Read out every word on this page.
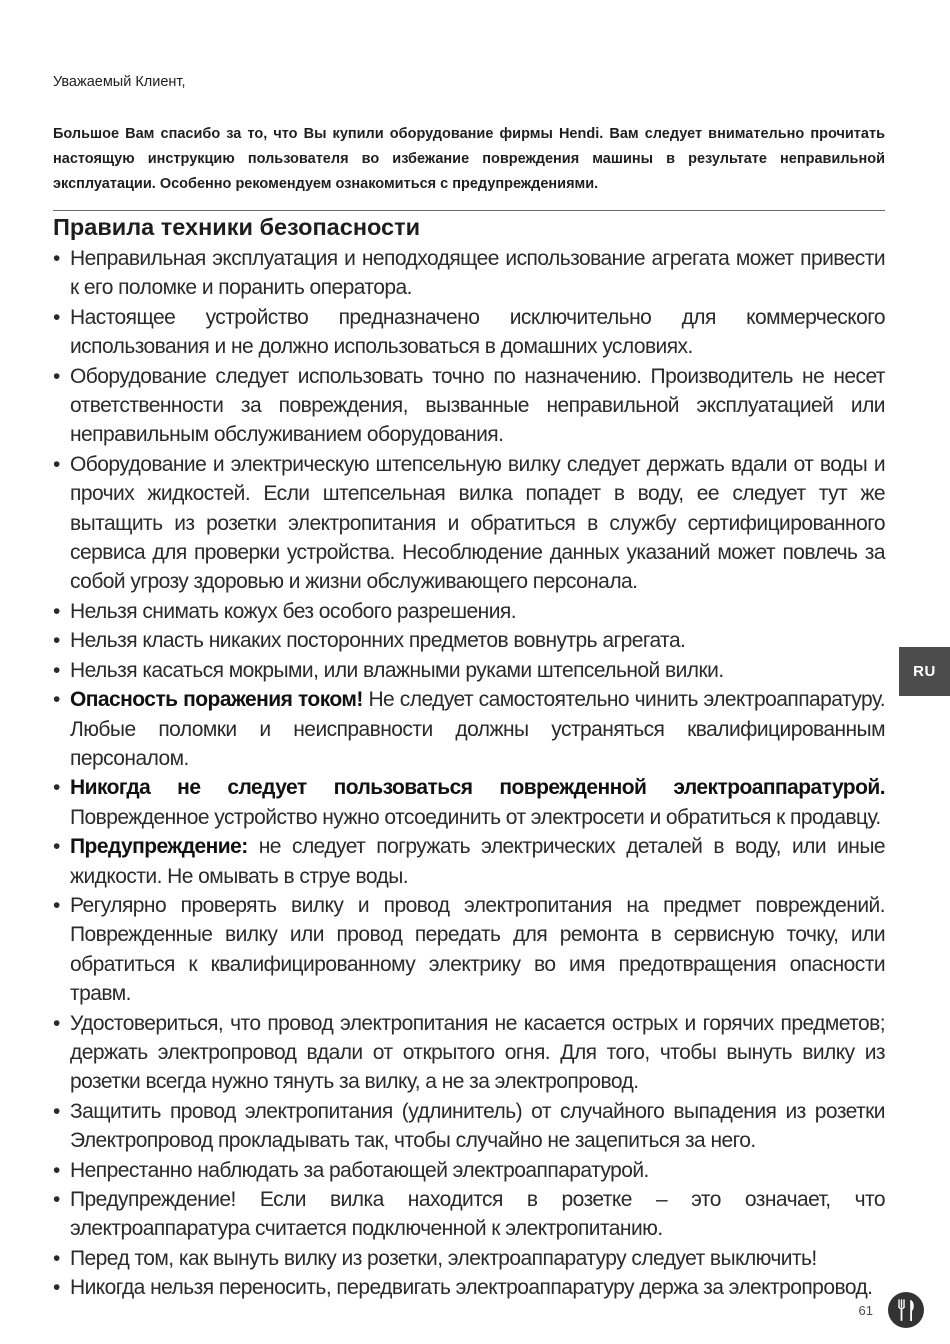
Уважаемый Клиент,
Большое Вам спасибо за то, что Вы купили оборудование фирмы Hendi. Вам следует внимательно прочитать настоящую инструкцию пользователя во избежание повреждения машины в результате неправильной эксплуатации. Особенно рекомендуем ознакомиться с предупреждениями.
Правила техники безопасности
• Неправильная эксплуатация и неподходящее использование агрегата может привести к его поломке и поранить оператора.
• Настоящее устройство предназначено исключительно для коммерческого использования и не должно использоваться в домашних условиях.
• Оборудование следует использовать точно по назначению. Производитель не несет ответственности за повреждения, вызванные неправильной эксплуатацией или неправильным обслуживанием оборудования.
• Оборудование и электрическую штепсельную вилку следует держать вдали от воды и прочих жидкостей. Если штепсельная вилка попадет в воду, ее следует тут же вытащить из розетки электропитания и обратиться в службу сертифицированного сервиса для проверки устройства. Несоблюдение данных указаний может повлечь за собой угрозу здоровью и жизни обслуживающего персонала.
• Нельзя снимать кожух без особого разрешения.
• Нельзя класть никаких посторонних предметов вовнутрь агрегата.
• Нельзя касаться мокрыми, или влажными руками штепсельной вилки.
• Опасность поражения током! Не следует самостоятельно чинить электроаппаратуру. Любые поломки и неисправности должны устраняться квалифицированным персоналом.
• Никогда не следует пользоваться поврежденной электроаппаратурой. Поврежденное устройство нужно отсоединить от электросети и обратиться к продавцу.
• Предупреждение: не следует погружать электрических деталей в воду, или иные жидкости. Не омывать в струе воды.
• Регулярно проверять вилку и провод электропитания на предмет повреждений. Поврежденные вилку или провод передать для ремонта в сервисную точку, или обратиться к квалифицированному электрику во имя предотвращения опасности травм.
• Удостовериться, что провод электропитания не касается острых и горячих предметов; держать электропровод вдали от открытого огня. Для того, чтобы вынуть вилку из розетки всегда нужно тянуть за вилку, а не за электропровод.
• Защитить провод электропитания (удлинитель) от случайного выпадения из розетки Электропровод прокладывать так, чтобы случайно не зацепиться за него.
• Непрестанно наблюдать за работающей электроаппаратурой.
• Предупреждение! Если вилка находится в розетке – это означает, что электроаппаратура считается подключенной к электропитанию.
• Перед том, как вынуть вилку из розетки, электроаппаратуру следует выключить!
• Никогда нельзя переносить, передвигать электроаппаратуру держа за электропровод.
RU
61
